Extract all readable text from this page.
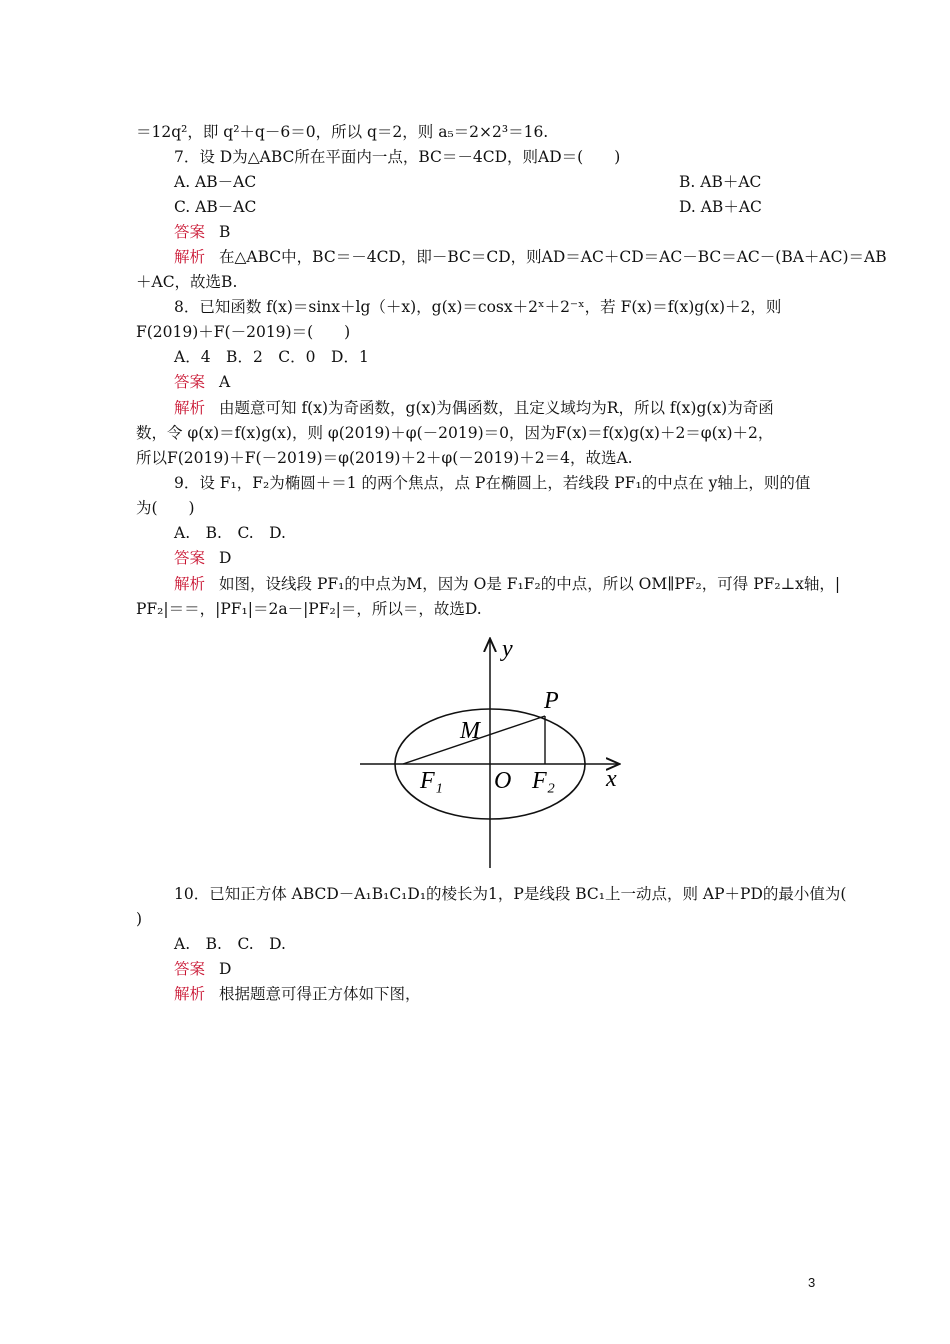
＝12q²，即 q²＋q－6＝0，所以 q＝2，则 a₅＝2×2³＝16.
7．设 D为△ABC所在平面内一点，BC＝－4CD，则AD＝(　　)
A. AB－AC	B. AB＋AC
C. AB－AC	D. AB＋AC
答案 B
解析 在△ABC中，BC＝－4CD，即－BC＝CD，则AD＝AC＋CD＝AC－BC＝AC－(BA＋AC)＝AB
＋AC，故选B.
8．已知函数 f(x)＝sinx＋lg（＋x)，g(x)＝cosx＋2ˣ＋2⁻ˣ，若 F(x)＝f(x)g(x)＋2，则
F(2019)＋F(－2019)＝(　　)
A．4　B．2　C．0　D．1
答案 A
解析 由题意可知 f(x)为奇函数，g(x)为偶函数，且定义域均为R，所以 f(x)g(x)为奇函
数，令 φ(x)＝f(x)g(x)，则 φ(2019)＋φ(－2019)＝0，因为F(x)＝f(x)g(x)＋2＝φ(x)＋2，
所以F(2019)＋F(－2019)＝φ(2019)＋2＋φ(－2019)＋2＝4，故选A.
9．设 F₁，F₂为椭圆＋＝1 的两个焦点，点 P在椭圆上，若线段 PF₁的中点在 y轴上，则的值
为(　　)
A.　B.　C.　D.
答案 D
解析 如图，设线段 PF₁的中点为M，因为 O是 F₁F₂的中点，所以 OM∥PF₂，可得 PF₂⊥x轴，|
PF₂|＝＝，|PF₁|＝2a－|PF₂|＝，所以＝，故选D.
y
x
P
M
F₁ O F₂
10．已知正方体 ABCD－A₁B₁C₁D₁的棱长为1，P是线段 BC₁上一动点，则 AP＋PD的最小值为(
)
A.　B.　C.　D.
答案 D
解析 根据题意可得正方体如下图，
3
